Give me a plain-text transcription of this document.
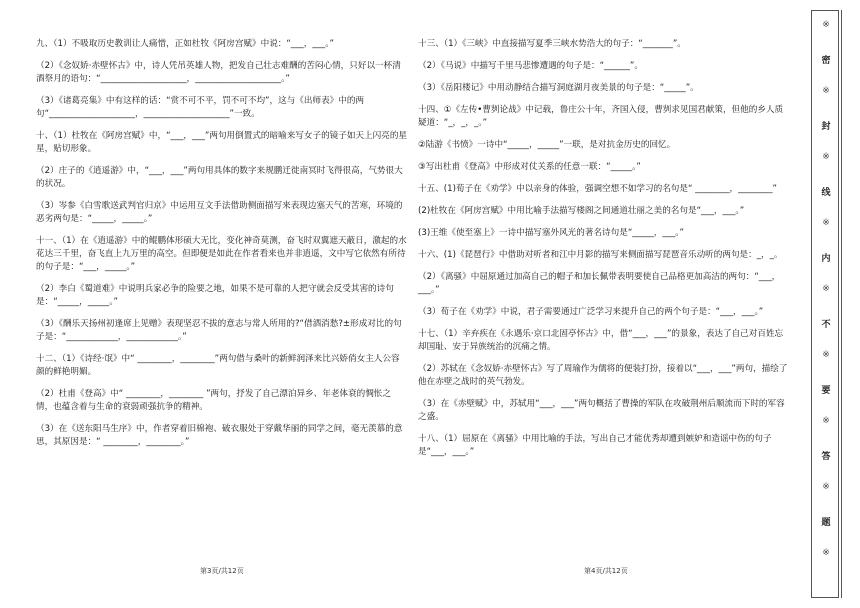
九、（1）不吸取历史教训让人痛惜，正如杜牧《阿房宫赋》中说：“___，___。”

（2）《念奴娇·赤壁怀古》中，诗人凭吊英雄人物，把发自己壮志难酬的苦闷心情，只好以一杯清酒祭月的语句：“____________________，____________________。”

（3）《诸葛亮集》中有这样的话：“赏不可不平，罚不可不均”，这与《出师表》中的两句“____________________，____________________”一致。

十、（1）杜牧在《阿房宫赋》中，“___，___”两句用倒置式的暗喻来写女子的镜子如天上闪亮的星星，贴切形象。

（2）庄子的《逍遥游》中，“___，___”两句用具体的数字来规鹏迁徙南冥时飞得很高，气势很大的状况。

（3）岑参《白雪歌送武判官归京》中运用互文手法借助侧面描写来表现边塞天气的苦寒，环境的恶劣两句是：“_____，_____。”

十一、（1）在《逍遥游》中的鲲鹏体形硕大无比，变化神奇莫测，奋飞时双翼遮天蔽日，激起的水花达三千里，奋飞直上九万里的高空。但即便是如此在作者看来也并非逍遥，文中写它依然有所待的句子是：“___，_____。”

（2）李白《蜀道难》中说明兵家必争的险要之地，如果不是可靠的人把守就会反受其害的诗句是：“_____，_____。”

（3）《酬乐天扬州初逢席上见赠》表现坚忍不拔的意志与常人所用的?“借酒消愁?±形成对比的句子是：“____________，____________。”

十二、（1）《诗经·氓》中“ ________，________”两句借与桑叶的新鲜润泽来比兴娇俏女主人公容颜的鲜艳明媚。

（2）杜甫《登高》中“ ________，________ ”两句，抒发了自己漂泊异乡、年老体衰的惆怅之情，也蕴含着与生命的衰弱顽强抗争的精神。

（3）在《送东阳马生序》中，作者穿着旧棉袍、破衣服处于穿戴华丽的同学之间，毫无羡慕的意思，其原因是：“ ________，________。”

十三、（1）《三峡》中直接描写夏季三峡水势浩大的句子：“_______”。

（2）《马说》中描写千里马悲惨遭遇的句子是：“______”。

（3）《岳阳楼记》中用动静结合描写洞庭湖月夜美景的句子是：“_____”。

十四、①《左传•曹刿论战》中记载，鲁庄公十年，齐国入侵，曹刿求见国君献策，但他的乡人质疑道：“_，_，_。”

②陆游《书愤》一诗中“_____，_____”一联，是对抗金历史的回忆。

③写出杜甫《登高》中形成对仗关系的任意一联：“_____。”

十五、(1)荀子在《劝学》中以亲身的体验，强调空想不如学习的名句是“ ________，________”

(2)杜牧在《阿房宫赋》中用比喻手法描写楼阁之间通道壮丽之美的名句是“___，___。”

(3)王维《使至塞上》一诗中描写塞外风光的著名诗句是“_____，___。”

十六、(1)《琵琶行》中借助对听者和江中月影的描写来侧面描写琵琶音乐动听的两句是：_，_。

（2）《离骚》中屈原通过加高自己的帽子和加长佩带表明要使自己品格更加高洁的两句：“___，___。”

（3）荀子在《劝学》中说，君子需要通过广泛学习来提升自己的两个句子是：“___，___。”

十七、（1）辛弃疾在《永遇乐·京口北固亭怀古》中，借“___，___”的景象，表达了自己对百姓忘却国耻、安于异族统治的沉痛之情。

（2）苏轼在《念奴娇·赤壁怀古》写了周瑜作为儒将的便装打扮，接着以“___，___”两句，描绘了他在赤壁之战时的英气勃发。

（3）在《赤壁赋》中，苏轼用“___，___”两句概括了曹操的军队在攻破荆州后顺流而下时的军容之盛。

十八、（1）屈原在《离骚》中用比喻的手法，写出自己才能优秀却遭到嫉妒和造谣中伤的句子是“___，___。”

第3页/共12页	第4页/共12页
※
密
※
封
※
线
※
内
※
不
※
要
※
答
※
题
※
